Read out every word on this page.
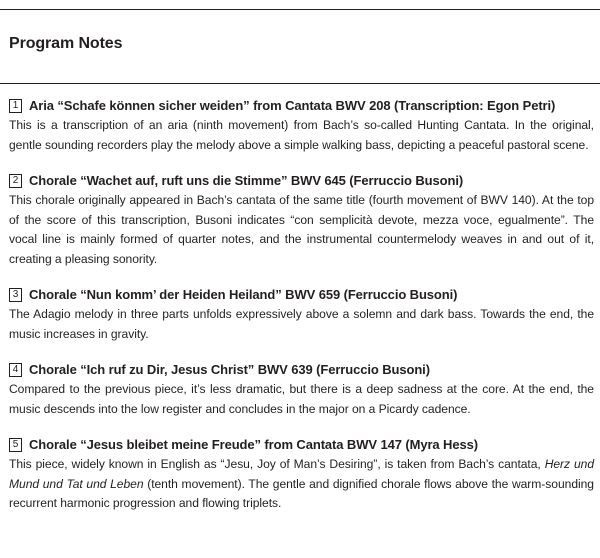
Program Notes
1 Aria “Schafe können sicher weiden” from Cantata BWV 208 (Transcription: Egon Petri)

This is a transcription of an aria (ninth movement) from Bach’s so-called Hunting Cantata. In the original, gentle sounding recorders play the melody above a simple walking bass, depicting a peaceful pastoral scene.

2 Chorale “Wachet auf, ruft uns die Stimme” BWV 645 (Ferruccio Busoni)

This chorale originally appeared in Bach’s cantata of the same title (fourth movement of BWV 140). At the top of the score of this transcription, Busoni indicates “con semplicità devote, mezza voce, egualmente”. The vocal line is mainly formed of quarter notes, and the instrumental countermelody weaves in and out of it, creating a pleasing sonority.

3 Chorale “Nun komm’ der Heiden Heiland” BWV 659 (Ferruccio Busoni)

The Adagio melody in three parts unfolds expressively above a solemn and dark bass. Towards the end, the music increases in gravity.

4 Chorale “Ich ruf zu Dir, Jesus Christ” BWV 639 (Ferruccio Busoni)

Compared to the previous piece, it’s less dramatic, but there is a deep sadness at the core. At the end, the music descends into the low register and concludes in the major on a Picardy cadence.

5 Chorale “Jesus bleibet meine Freude” from Cantata BWV 147 (Myra Hess)

This piece, widely known in English as “Jesu, Joy of Man’s Desiring”, is taken from Bach’s cantata, Herz und Mund und Tat und Leben (tenth movement). The gentle and dignified chorale flows above the warm-sounding recurrent harmonic progression and flowing triplets.
